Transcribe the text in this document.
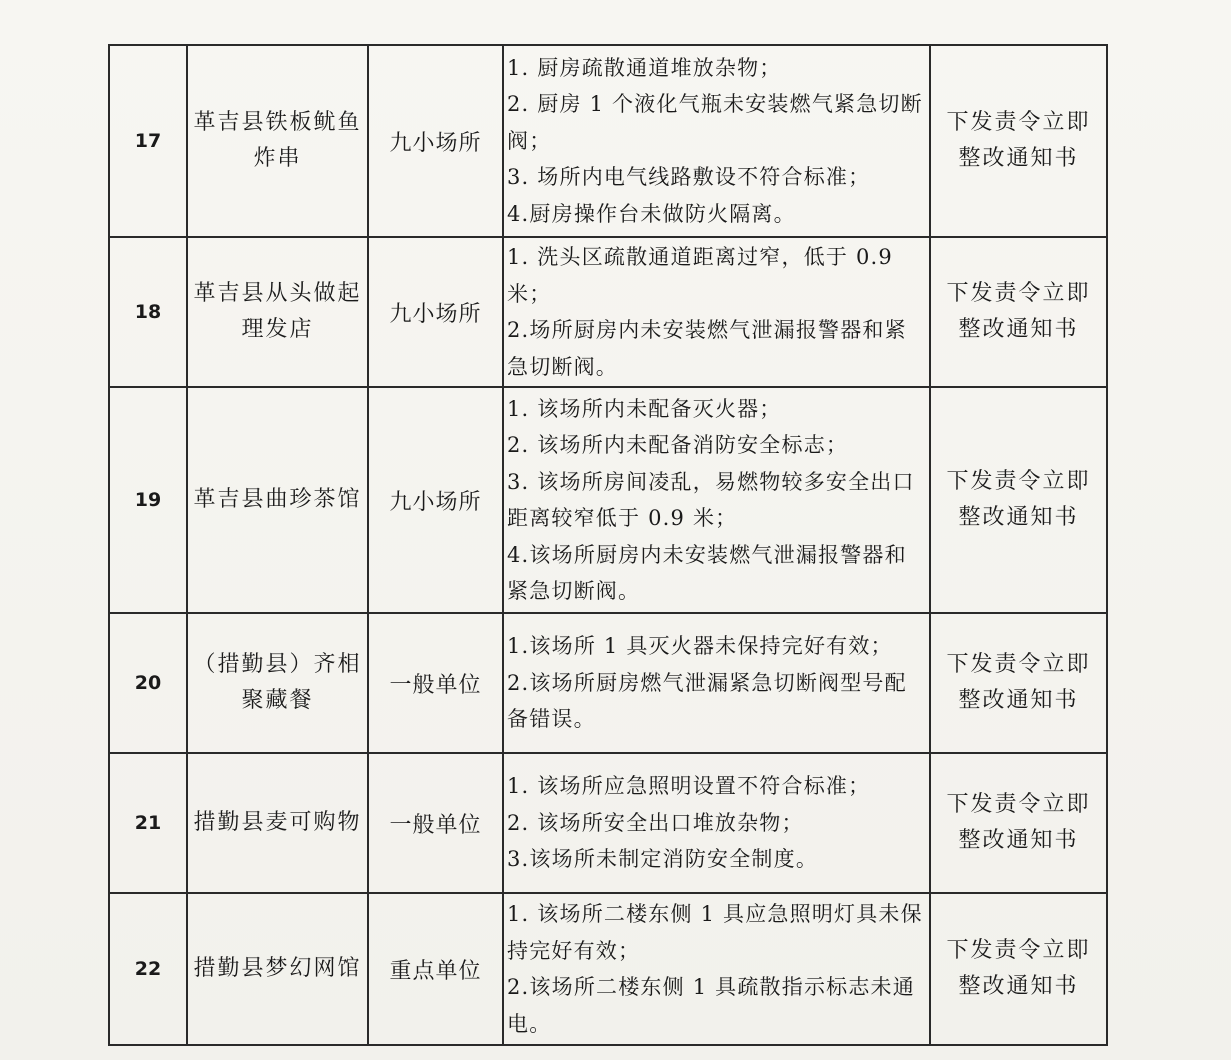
17	革吉县铁板鱿鱼炸串	九小场所	1. 厨房疏散通道堆放杂物；
2. 厨房 1 个液化气瓶未安装燃气紧急切断阀；
3. 场所内电气线路敷设不符合标准；
4.厨房操作台未做防火隔离。	下发责令立即整改通知书
18	革吉县从头做起理发店	九小场所	1. 洗头区疏散通道距离过窄，低于 0.9 米；
2.场所厨房内未安装燃气泄漏报警器和紧急切断阀。	下发责令立即整改通知书
19	革吉县曲珍茶馆	九小场所	1. 该场所内未配备灭火器；
2. 该场所内未配备消防安全标志；
3. 该场所房间凌乱，易燃物较多安全出口距离较窄低于 0.9 米；
4.该场所厨房内未安装燃气泄漏报警器和紧急切断阀。	下发责令立即整改通知书
20	（措勤县）齐相聚藏餐	一般单位	1.该场所 1 具灭火器未保持完好有效；
2.该场所厨房燃气泄漏紧急切断阀型号配备错误。	下发责令立即整改通知书
21	措勤县麦可购物	一般单位	1. 该场所应急照明设置不符合标准；
2. 该场所安全出口堆放杂物；
3.该场所未制定消防安全制度。	下发责令立即整改通知书
22	措勤县梦幻网馆	重点单位	1. 该场所二楼东侧 1 具应急照明灯具未保持完好有效；
2.该场所二楼东侧 1 具疏散指示标志未通电。	下发责令立即整改通知书
